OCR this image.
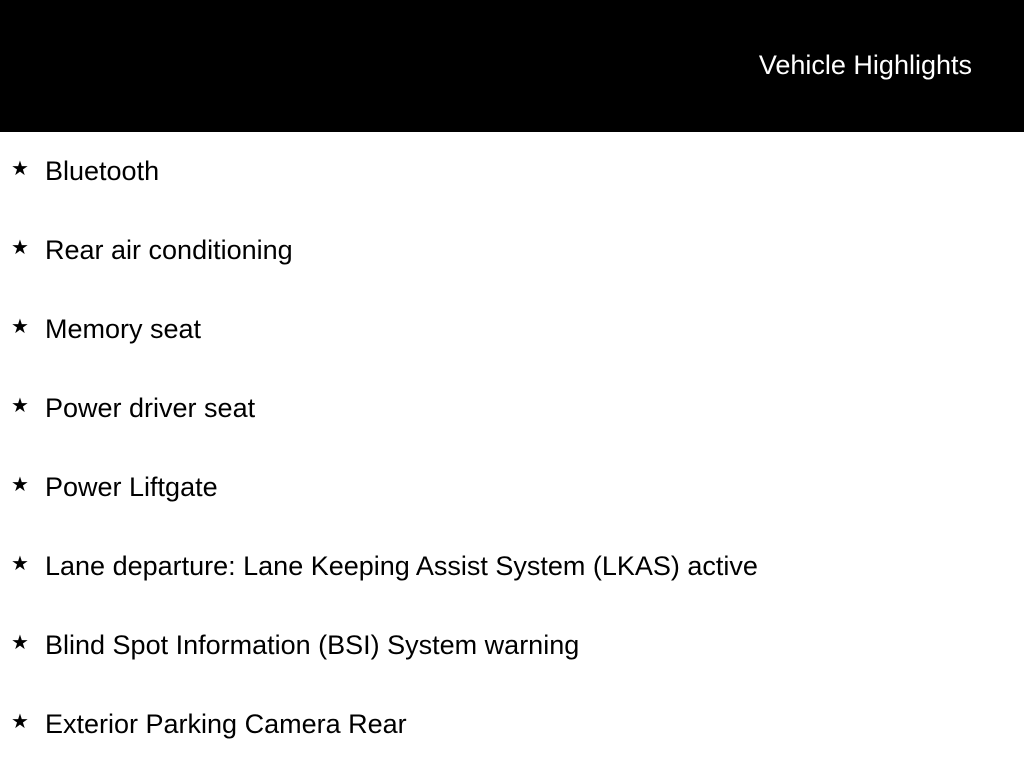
Vehicle Highlights
★ Bluetooth
★ Rear air conditioning
★ Memory seat
★ Power driver seat
★ Power Liftgate
★ Lane departure: Lane Keeping Assist System (LKAS) active
★ Blind Spot Information (BSI) System warning
★ Exterior Parking Camera Rear
